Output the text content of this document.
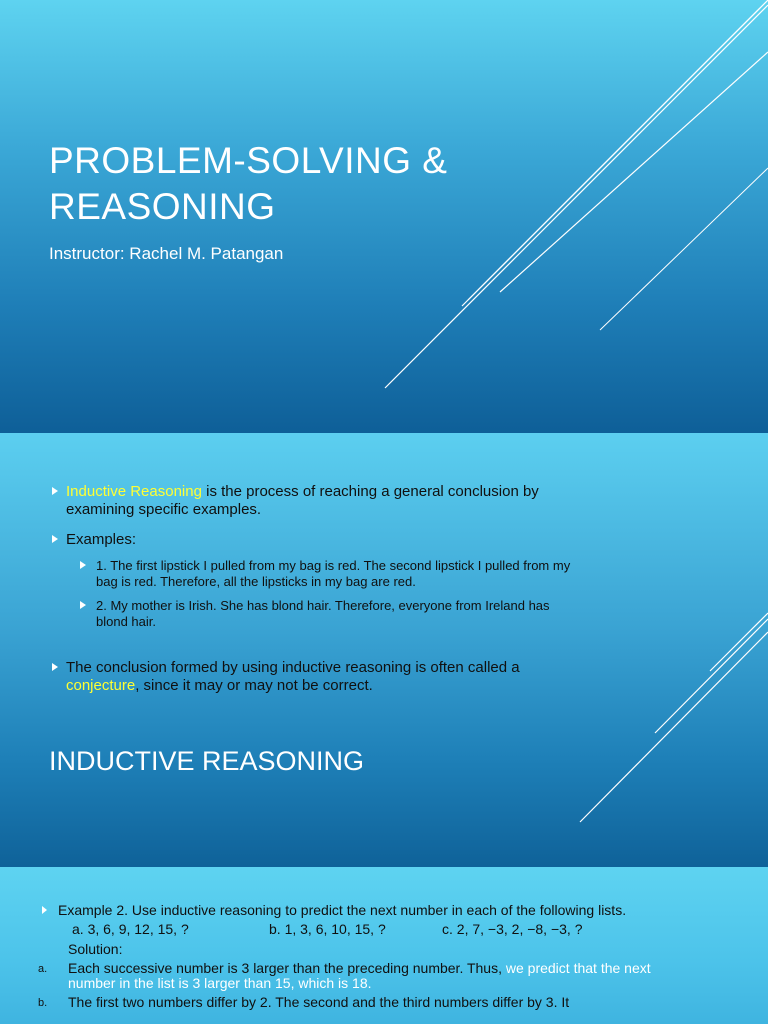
PROBLEM-SOLVING &
REASONING
Instructor: Rachel M. Patangan
Inductive Reasoning is the process of reaching a general conclusion by examining specific examples.
Examples:
1. The first lipstick I pulled from my bag is red. The second lipstick I pulled from my bag is red. Therefore, all the lipsticks in my bag are red.
2. My mother is Irish. She has blond hair. Therefore, everyone from Ireland has blond hair.
The conclusion formed by using inductive reasoning is often called a conjecture, since it may or may not be correct.
INDUCTIVE REASONING
Example 2. Use inductive reasoning to predict the next number in each of the following lists.
a. 3, 6, 9, 12, 15, ?	b. 1, 3, 6, 10, 15, ?	c. 2, 7, −3, 2, −8, −3, ?
Solution:
a. Each successive number is 3 larger than the preceding number. Thus, we predict that the next number in the list is 3 larger than 15, which is 18.
b. The first two numbers differ by 2. The second and the third numbers differ by 3. It
